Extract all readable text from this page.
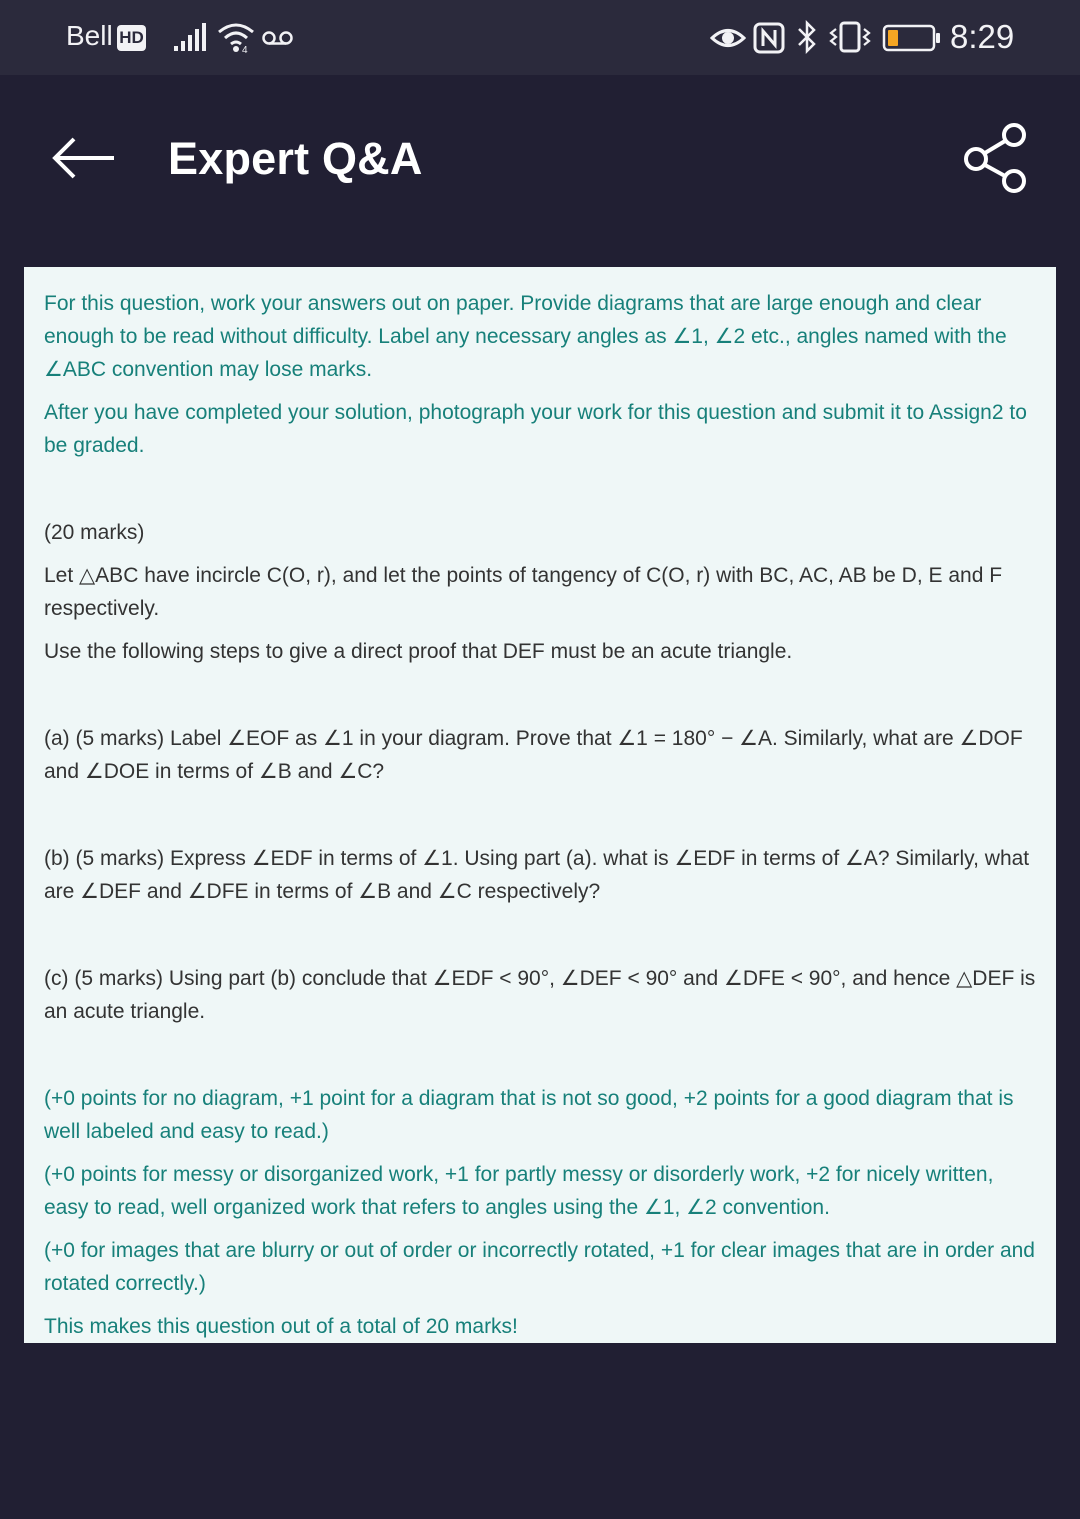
Bell HD
4	8:29
Expert Q&A

For this question, work your answers out on paper. Provide diagrams that are large enough and clear enough to be read without difficulty. Label any necessary angles as ∠1, ∠2 etc., angles named with the ∠ABC convention may lose marks.

After you have completed your solution, photograph your work for this question and submit it to Assign2 to be graded.

(20 marks)

Let △ABC have incircle C(O, r), and let the points of tangency of C(O, r) with BC, AC, AB be D, E and F respectively.

Use the following steps to give a direct proof that DEF must be an acute triangle.

(a) (5 marks) Label ∠EOF as ∠1 in your diagram. Prove that ∠1 = 180° − ∠A. Similarly, what are ∠DOF and ∠DOE in terms of ∠B and ∠C?

(b) (5 marks) Express ∠EDF in terms of ∠1. Using part (a). what is ∠EDF in terms of ∠A? Similarly, what are ∠DEF and ∠DFE in terms of ∠B and ∠C respectively?

(c) (5 marks) Using part (b) conclude that ∠EDF < 90°, ∠DEF < 90° and ∠DFE < 90°, and hence △DEF is an acute triangle.

(+0 points for no diagram, +1 point for a diagram that is not so good, +2 points for a good diagram that is well labeled and easy to read.)

(+0 points for messy or disorganized work, +1 for partly messy or disorderly work, +2 for nicely written, easy to read, well organized work that refers to angles using the ∠1, ∠2 convention.

(+0 for images that are blurry or out of order or incorrectly rotated, +1 for clear images that are in order and rotated correctly.)

This makes this question out of a total of 20 marks!
